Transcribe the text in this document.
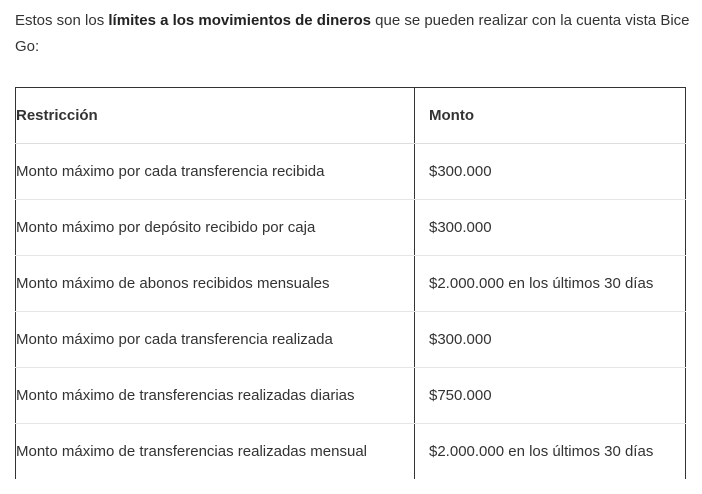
Estos son los límites a los movimientos de dineros que se pueden realizar con la cuenta vista Bice Go:

Restricción	Monto
Monto máximo por cada transferencia recibida	$300.000
Monto máximo por depósito recibido por caja	$300.000
Monto máximo de abonos recibidos mensuales	$2.000.000 en los últimos 30 días
Monto máximo por cada transferencia realizada	$300.000
Monto máximo de transferencias realizadas diarias	$750.000
Monto máximo de transferencias realizadas mensual	$2.000.000 en los últimos 30 días
